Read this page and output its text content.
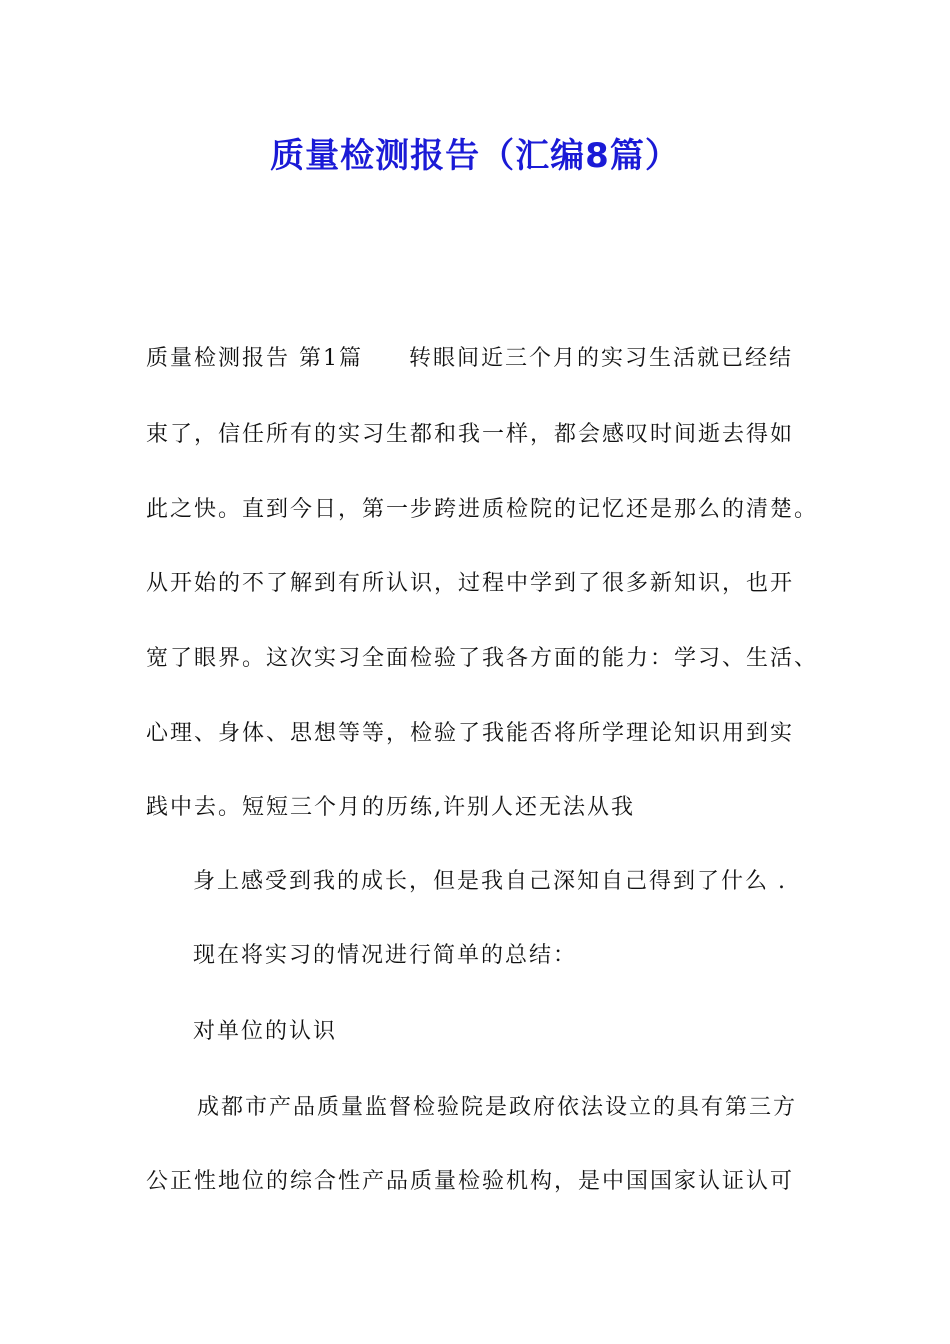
质量检测报告（汇编8篇）
质量检测报告 第1篇 转眼间近三个月的实习生活就已经结
束了，信任所有的实习生都和我一样，都会感叹时间逝去得如
此之快。直到今日，第一步跨进质检院的记忆还是那么的清楚。
从开始的不了解到有所认识，过程中学到了很多新知识，也开
宽了眼界。这次实习全面检验了我各方面的能力：学习、生活、
心理、身体、思想等等，检验了我能否将所学理论知识用到实
践中去。短短三个月的历练,许别人还无法从我
身上感受到我的成长，但是我自己深知自己得到了什么 .
现在将实习的情况进行简单的总结：
对单位的认识
成都市产品质量监督检验院是政府依法设立的具有第三方
公正性地位的综合性产品质量检验机构，是中国国家认证认可
